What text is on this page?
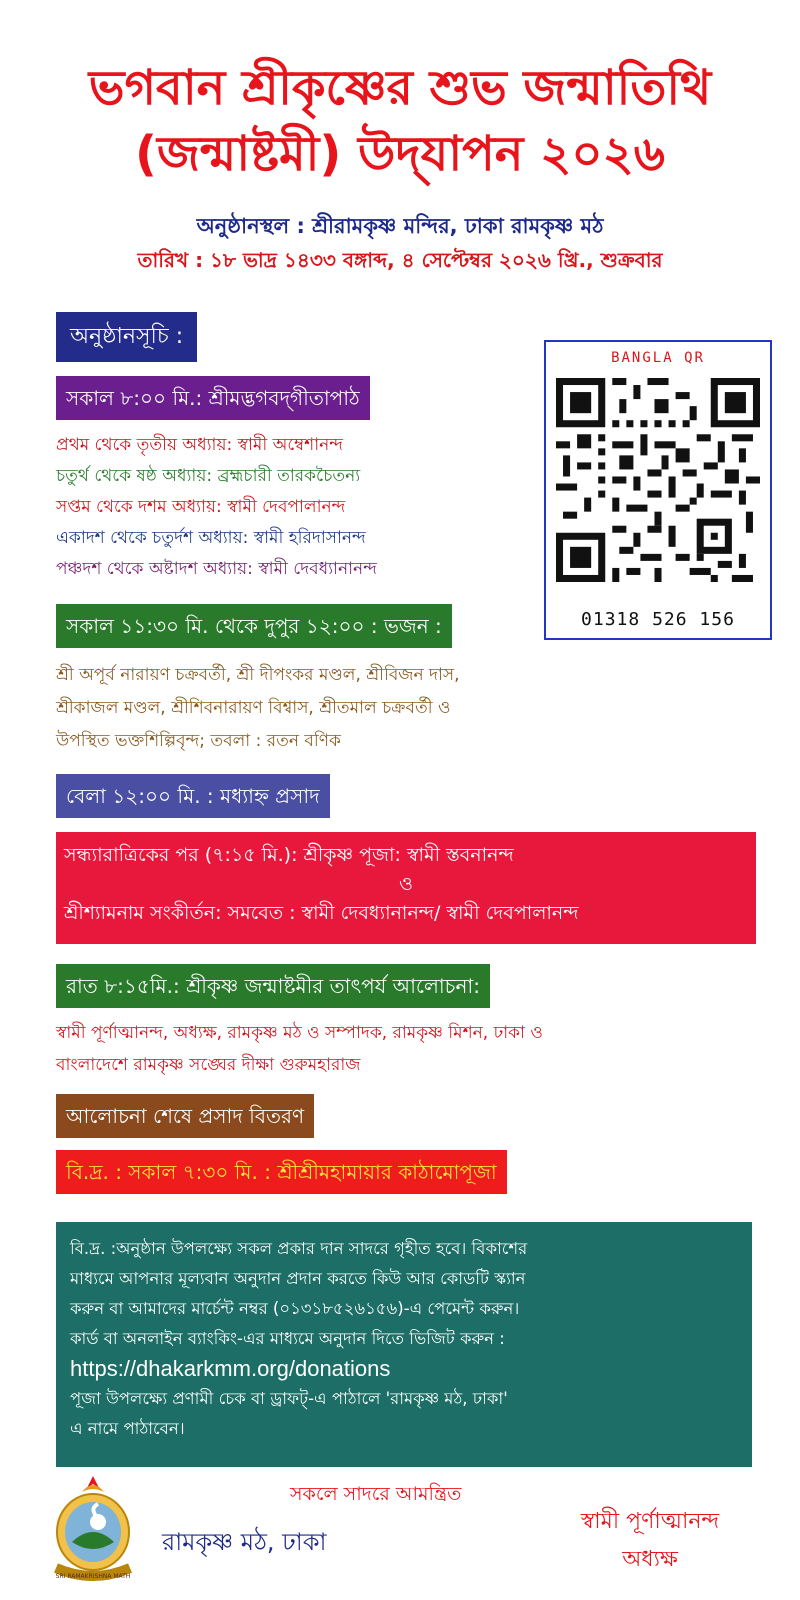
ভগবান শ্রীকৃষ্ণের শুভ জন্মাতিথি
(জন্মাষ্টমী) উদ্‌যাপন ২০২৬
অনুষ্ঠানস্থল : শ্রীরামকৃষ্ণ মন্দির, ঢাকা রামকৃষ্ণ মঠ
তারিখ : ১৮ ভাদ্র ১৪৩৩ বঙ্গাব্দ, ৪ সেপ্টেম্বর ২০২৬ খ্রি., শুক্রবার
অনুষ্ঠানসূচি :
BANGLA QR
01318 526 156
সকাল ৮:০০ মি.: শ্রীমদ্ভগবদ্‌গীতাপাঠ
প্রথম থেকে তৃতীয় অধ্যায়: স্বামী অম্বেশানন্দ
চতুর্থ থেকে ষষ্ঠ অধ্যায়: ব্রহ্মচারী তারকচৈতন্য
সপ্তম থেকে দশম অধ্যায়: স্বামী দেবপালানন্দ
একাদশ থেকে চতুর্দশ অধ্যায়: স্বামী হরিদাসানন্দ
পঞ্চদশ থেকে অষ্টাদশ অধ্যায়: স্বামী দেবধ্যানানন্দ
সকাল ১১:৩০ মি. থেকে দুপুর ১২:০০ : ভজন :
শ্রী অপূর্ব নারায়ণ চক্রবর্তী, শ্রী দীপংকর মণ্ডল, শ্রীবিজন দাস,
শ্রীকাজল মণ্ডল, শ্রীশিবনারায়ণ বিশ্বাস, শ্রীতমাল চক্রবর্তী ও
উপস্থিত ভক্তশিল্পিবৃন্দ; তবলা : রতন বণিক
বেলা ১২:০০ মি. : মধ্যাহ্ন প্রসাদ
সন্ধ্যারাত্রিকের পর (৭:১৫ মি.): শ্রীকৃষ্ণ পূজা: স্বামী স্তবনানন্দ
ও
শ্রীশ্যামনাম সংকীর্তন: সমবেত : স্বামী দেবধ্যানানন্দ/ স্বামী দেবপালানন্দ
রাত ৮:১৫মি.: শ্রীকৃষ্ণ জন্মাষ্টমীর তাৎপর্য আলোচনা:
স্বামী পূর্ণাত্মানন্দ, অধ্যক্ষ, রামকৃষ্ণ মঠ ও সম্পাদক, রামকৃষ্ণ মিশন, ঢাকা ও
বাংলাদেশে রামকৃষ্ণ সঙ্ঘের দীক্ষা গুরুমহারাজ
আলোচনা শেষে প্রসাদ বিতরণ
বি.দ্র. : সকাল ৭:৩০ মি. : শ্রীশ্রীমহামায়ার কাঠামোপূজা
বি.দ্র. :অনুষ্ঠান উপলক্ষ্যে সকল প্রকার দান সাদরে গৃহীত হবে। বিকাশের
মাধ্যমে আপনার মূল্যবান অনুদান প্রদান করতে কিউ আর কোডটি স্ক্যান
করুন বা আমাদের মার্চেন্ট নম্বর (০১৩১৮৫২৬১৫৬)-এ পেমেন্ট করুন।
কার্ড বা অনলাইন ব্যাংকিং-এর মাধ্যমে অনুদান দিতে ভিজিট করুন :
https://dhakarkmm.org/donations
পূজা উপলক্ষ্যে প্রণামী চেক বা ড্রাফট্-এ পাঠালে 'রামকৃষ্ণ মঠ, ঢাকা'
এ নামে পাঠাবেন।
SRI RAMAKRISHNA MATH
সকলে সাদরে আমন্ত্রিত
রামকৃষ্ণ মঠ, ঢাকা
স্বামী পূর্ণাত্মানন্দ
অধ্যক্ষ
